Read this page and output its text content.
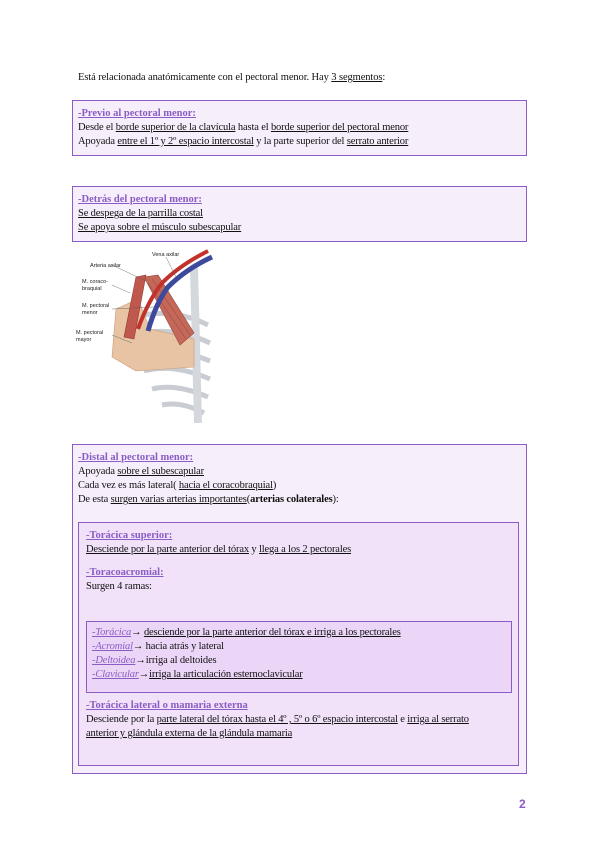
Está relacionada anatómicamente con el pectoral menor. Hay 3 segmentos:
-Previo al pectoral menor:
Desde el borde superior de la clavícula hasta el borde superior del pectoral menor
Apoyada entre el 1º y 2º espacio intercostal y la parte superior del serrato anterior
-Detrás del pectoral menor:
Se despega de la parrilla costal
Se apoya sobre el músculo subescapular
Arteria axilar
Vena axilar
M. coraco-
braquial
M. pectoral
menor
M. pectoral
mayor
-Distal al pectoral menor:
Apoyada sobre el subescapular
Cada vez es más lateral( hacia el coracobraquial)
De esta surgen varias arterias importantes(arterias colaterales):
-Torácica superior:
Desciende por la parte anterior del tórax y llega a los 2 pectorales
-Toracoacromial:
Surgen 4 ramas:
-Torácica→ desciende por la parte anterior del tórax e irriga a los pectorales
-Acromial→ hacia atrás y lateral
-Deltoidea→irriga al deltoides
-Clavicular→irriga la articulación esternoclavicular
-Torácica lateral o mamaria externa
Desciende por la parte lateral del tórax hasta el 4º , 5º o 6º espacio intercostal e irriga al serrato
anterior y glándula externa de la glándula mamaria
2
